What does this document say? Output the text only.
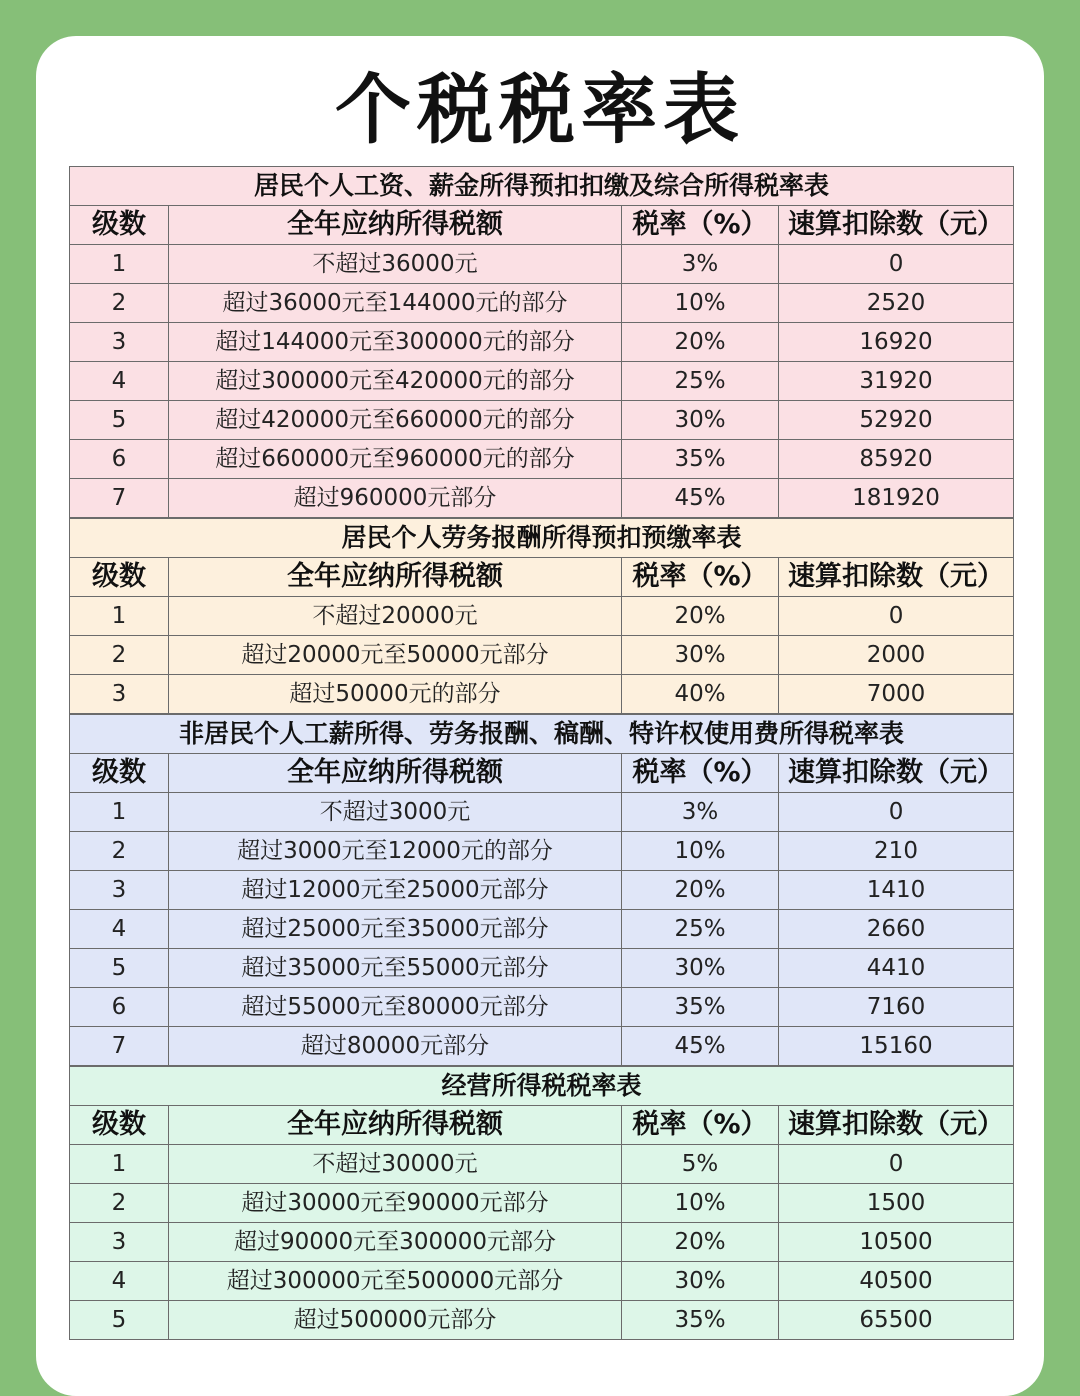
个税税率表
居民个人工资、薪金所得预扣扣缴及综合所得税率表			
级数	全年应纳所得税额	税率（%）	速算扣除数（元）
1	不超过36000元	3%	0
2	超过36000元至144000元的部分	10%	2520
3	超过144000元至300000元的部分	20%	16920
4	超过300000元至420000元的部分	25%	31920
5	超过420000元至660000元的部分	30%	52920
6	超过660000元至960000元的部分	35%	85920
7	超过960000元部分	45%	181920
居民个人劳务报酬所得预扣预缴率表			
级数	全年应纳所得税额	税率（%）	速算扣除数（元）
1	不超过20000元	20%	0
2	超过20000元至50000元部分	30%	2000
3	超过50000元的部分	40%	7000
非居民个人工薪所得、劳务报酬、稿酬、特许权使用费所得税率表			
级数	全年应纳所得税额	税率（%）	速算扣除数（元）
1	不超过3000元	3%	0
2	超过3000元至12000元的部分	10%	210
3	超过12000元至25000元部分	20%	1410
4	超过25000元至35000元部分	25%	2660
5	超过35000元至55000元部分	30%	4410
6	超过55000元至80000元部分	35%	7160
7	超过80000元部分	45%	15160
经营所得税税率表			
级数	全年应纳所得税额	税率（%）	速算扣除数（元）
1	不超过30000元	5%	0
2	超过30000元至90000元部分	10%	1500
3	超过90000元至300000元部分	20%	10500
4	超过300000元至500000元部分	30%	40500
5	超过500000元部分	35%	65500
